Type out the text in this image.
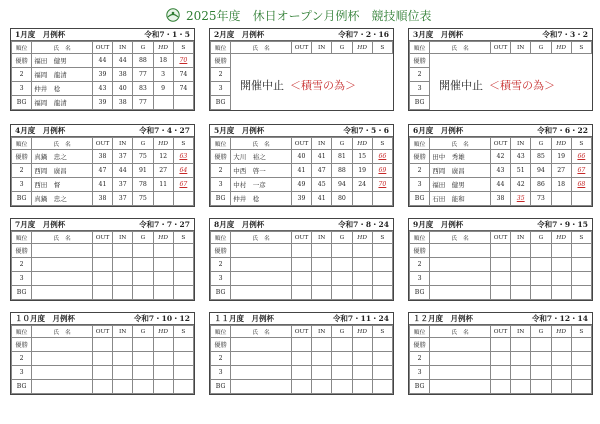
2025年度　 休日オープン月例杯　 競技順位表
1月度　月例杯	令和7・1・5
順位	氏　名	OUT	IN	G	HD	S
優勝	福田　健男	44	44	88	18	70
2	福岡　龍清	39	38	77	3	74
3	仲井　稔	43	40	83	9	74
BG	福岡　龍清	39	38	77		
2月度　月例杯	令和7・2・16
順位	氏　名	OUT	IN	G	HD	S
優勝						
2						
3						
BG						
開催中止 ＜積雪の為＞
3月度　月例杯	令和7・3・2
順位	氏　名	OUT	IN	G	HD	S
優勝						
2						
3						
BG						
開催中止 ＜積雪の為＞
4月度　月例杯	令和7・4・27
順位	氏　名	OUT	IN	G	HD	S
優勝	真鍋　忠之	38	37	75	12	63
2	西岡　廣昌	47	44	91	27	64
3	西田　督	41	37	78	11	67
BG	真鍋　忠之	38	37	75		
5月度　月例杯	令和7・5・6
順位	氏　名	OUT	IN	G	HD	S
優勝	大川　裕之	40	41	81	15	66
2	中西　啓一	41	47	88	19	69
3	中村　一彦	49	45	94	24	70
BG	仲井　稔	39	41	80		
6月度　月例杯	令和7・6・22
順位	氏　名	OUT	IN	G	HD	S
優勝	田中　秀雄	42	43	85	19	66
2	西岡　廣昌	43	51	94	27	67
3	福田　健男	44	42	86	18	68
BG	石田　能和	38	35	73		
7月度　月例杯	令和7・7・27
順位	氏　名	OUT	IN	G	HD	S
優勝						
2						
3						
BG						
8月度　月例杯	令和7・8・24
順位	氏　名	OUT	IN	G	HD	S
優勝						
2						
3						
BG						
9月度　月例杯	令和7・9・15
順位	氏　名	OUT	IN	G	HD	S
優勝						
2						
3						
BG						
１０月度　月例杯	令和7・10・12
順位	氏　名	OUT	IN	G	HD	S
優勝						
2						
3						
BG						
１１月度　月例杯	令和7・11・24
順位	氏　名	OUT	IN	G	HD	S
優勝						
2						
3						
BG						
１２月度　月例杯	令和7・12・14
順位	氏　名	OUT	IN	G	HD	S
優勝						
2						
3						
BG						
